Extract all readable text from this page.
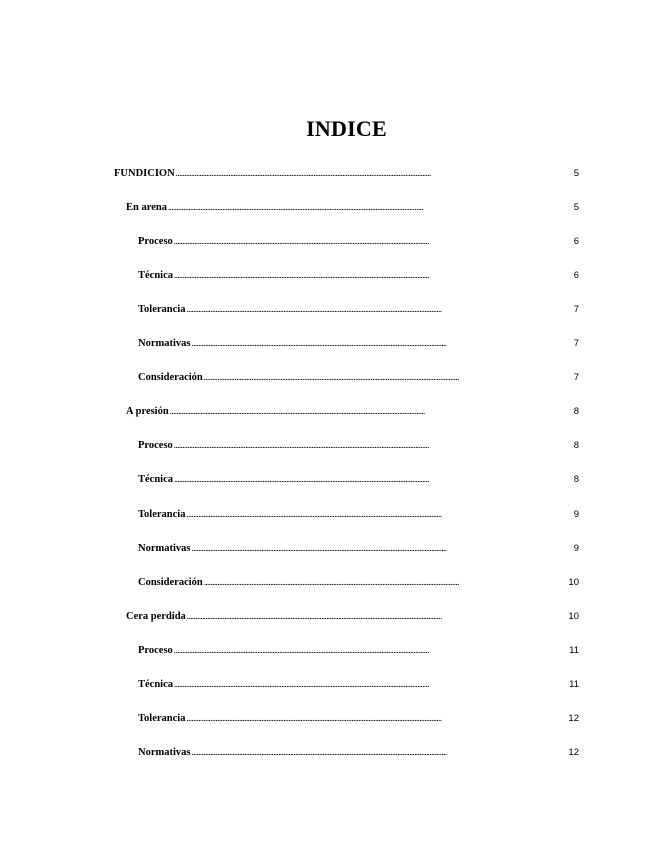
INDICE
FUNDICION . . .	5
En arena . . .	5
Proceso . . .	6
Técnica . . .	6
Tolerancia . . .	7
Normativas . . .	7
Consideración . . .	7
A presión . . .	8
Proceso . . .	8
Técnica . . .	8
Tolerancia . . .	9
Normativas . . .	9
Consideración . . .	10
Cera perdida . . .	10
Proceso . . .	11
Técnica . . .	11
Tolerancia . . .	12
Normativas . . .	12
